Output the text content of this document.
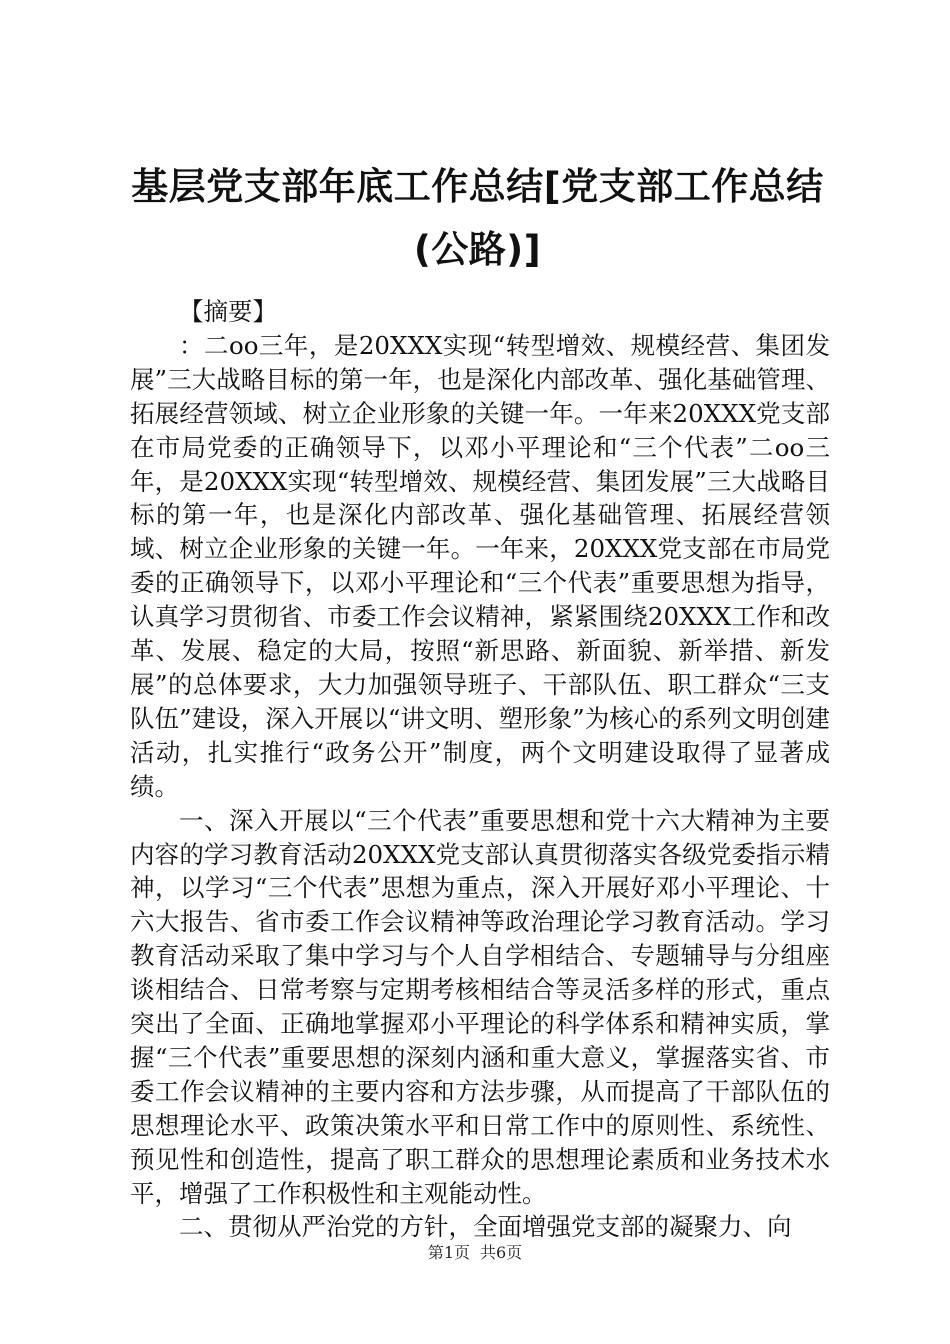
基层党支部年底工作总结[党支部工作总结(公路)]

【摘要】

：二oo三年，是20XXX实现“转型增效、规模经营、集团发展”三大战略目标的第一年，也是深化内部改革、强化基础管理、拓展经营领域、树立企业形象的关键一年。一年来20XXX党支部在市局党委的正确领导下，以邓小平理论和“三个代表”二oo三年，是20XXX实现“转型增效、规模经营、集团发展”三大战略目标的第一年，也是深化内部改革、强化基础管理、拓展经营领域、树立企业形象的关键一年。一年来，20XXX党支部在市局党委的正确领导下，以邓小平理论和“三个代表”重要思想为指导，认真学习贯彻省、市委工作会议精神，紧紧围绕20XXX工作和改革、发展、稳定的大局，按照“新思路、新面貌、新举措、新发展”的总体要求，大力加强领导班子、干部队伍、职工群众“三支队伍”建设，深入开展以“讲文明、塑形象”为核心的系列文明创建活动，扎实推行“政务公开”制度，两个文明建设取得了显著成绩。

一、深入开展以“三个代表”重要思想和党十六大精神为主要内容的学习教育活动20XXX党支部认真贯彻落实各级党委指示精神，以学习“三个代表”思想为重点，深入开展好邓小平理论、十六大报告、省市委工作会议精神等政治理论学习教育活动。学习教育活动采取了集中学习与个人自学相结合、专题辅导与分组座谈相结合、日常考察与定期考核相结合等灵活多样的形式，重点突出了全面、正确地掌握邓小平理论的科学体系和精神实质，掌握“三个代表”重要思想的深刻内涵和重大意义，掌握落实省、市委工作会议精神的主要内容和方法步骤，从而提高了干部队伍的思想理论水平、政策决策水平和日常工作中的原则性、系统性、预见性和创造性，提高了职工群众的思想理论素质和业务技术水平，增强了工作积极性和主观能动性。

二、贯彻从严治党的方针，全面增强党支部的凝聚力、向

第1页 共6页
